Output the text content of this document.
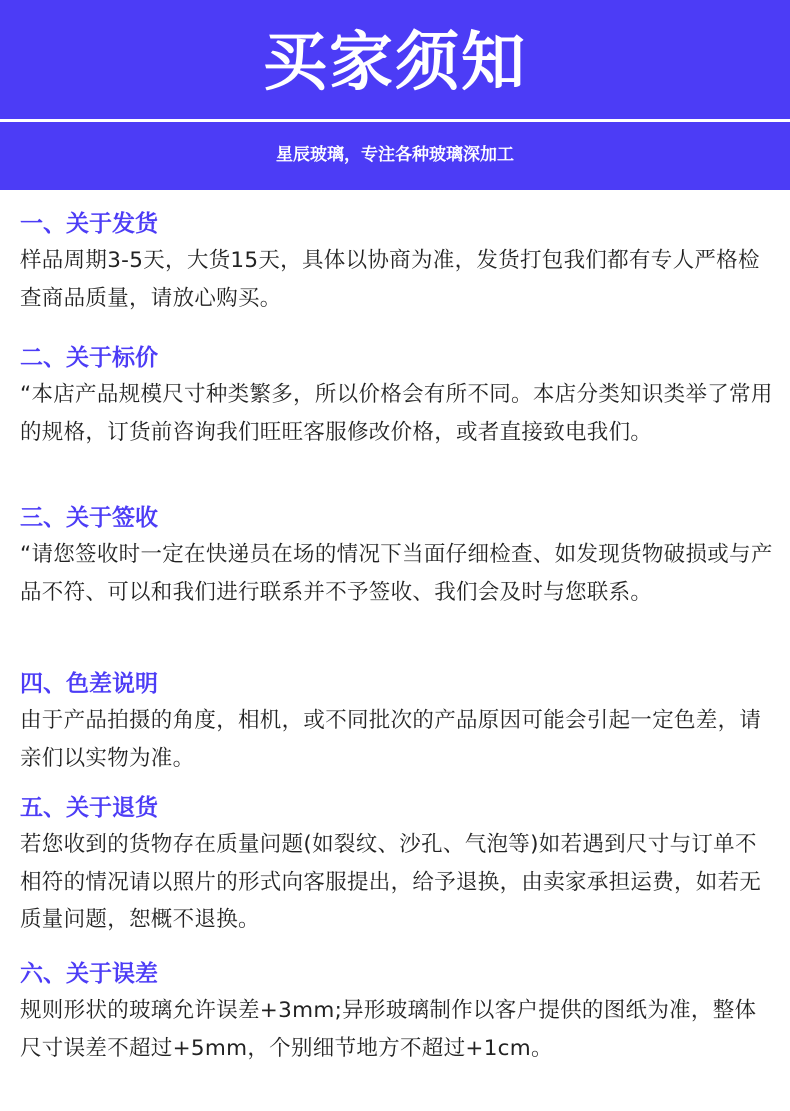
买家须知
星辰玻璃，专注各种玻璃深加工

一、关于发货

样品周期3-5天，大货15天，具体以协商为准，发货打包我们都有专人严格检查商品质量，请放心购买。

二、关于标价

“本店产品规模尺寸种类繁多，所以价格会有所不同。本店分类知识类举了常用的规格，订货前咨询我们旺旺客服修改价格，或者直接致电我们。

三、关于签收

“请您签收时一定在快递员在场的情况下当面仔细检查、如发现货物破损或与产品不符、可以和我们进行联系并不予签收、我们会及时与您联系。

四、色差说明

由于产品拍摄的角度，相机，或不同批次的产品原因可能会引起一定色差，请亲们以实物为准。

五、关于退货

若您收到的货物存在质量问题(如裂纹、沙孔、气泡等)如若遇到尺寸与订单不相符的情况请以照片的形式向客服提出，给予退换，由卖家承担运费，如若无质量问题，恕概不退换。

六、关于误差

规则形状的玻璃允许误差+3mm;异形玻璃制作以客户提供的图纸为准，整体尺寸误差不超过+5mm，个别细节地方不超过+1cm。
